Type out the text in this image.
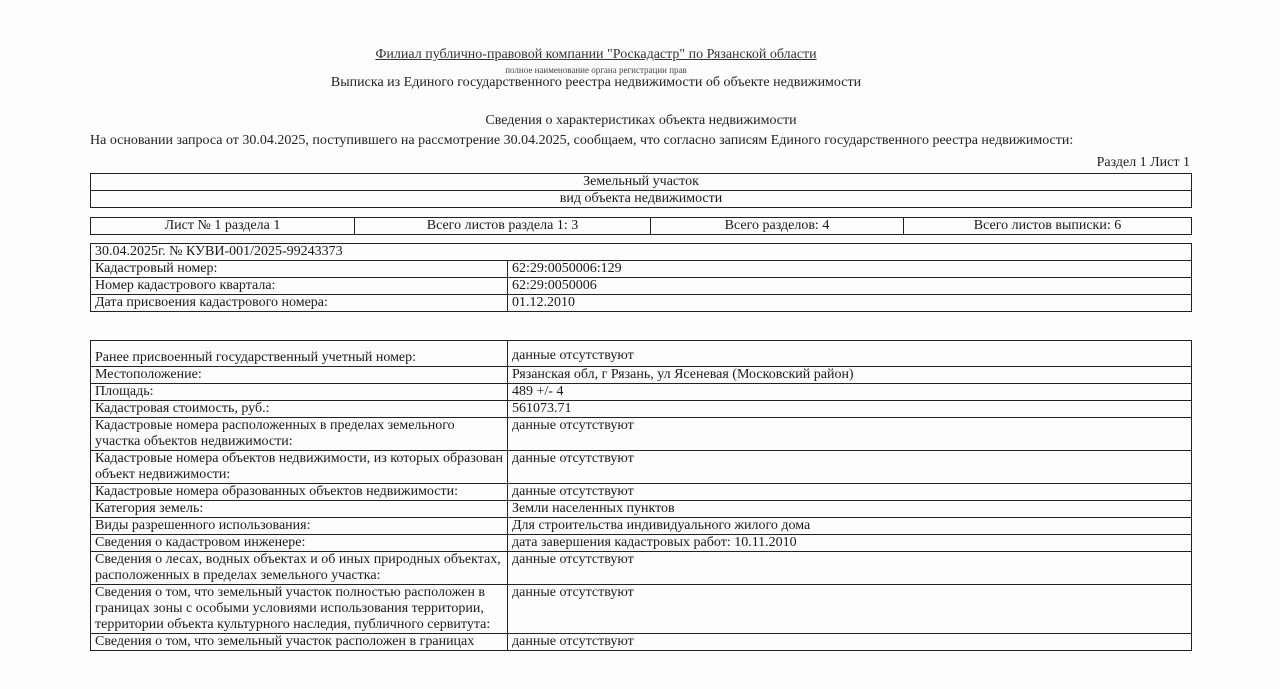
Филиал публично-правовой компании "Роскадастр" по Рязанской области
полное наименование органа регистрации прав
Выписка из Единого государственного реестра недвижимости об объекте недвижимости
Сведения о характеристиках объекта недвижимости
На основании запроса от 30.04.2025, поступившего на рассмотрение 30.04.2025, сообщаем, что согласно записям Единого государственного реестра недвижимости:
Раздел 1 Лист 1
Земельный участок
вид объекта недвижимости
Лист № 1 раздела 1	Всего листов раздела 1: 3	Всего разделов: 4	Всего листов выписки: 6
30.04.2025г. № КУВИ-001/2025-99243373	
Кадастровый номер:	62:29:0050006:129
Номер кадастрового квартала:	62:29:0050006
Дата присвоения кадастрового номера:	01.12.2010
Ранее присвоенный государственный учетный номер:	данные отсутствуют
Местоположение:	Рязанская обл, г Рязань, ул Ясеневая (Московский район)
Площадь:	489 +/- 4
Кадастровая стоимость, руб.:	561073.71
Кадастровые номера расположенных в пределах земельного участка объектов недвижимости:	данные отсутствуют
Кадастровые номера объектов недвижимости, из которых образован объект недвижимости:	данные отсутствуют
Кадастровые номера образованных объектов недвижимости:	данные отсутствуют
Категория земель:	Земли населенных пунктов
Виды разрешенного использования:	Для строительства индивидуального жилого дома
Сведения о кадастровом инженере:	дата завершения кадастровых работ: 10.11.2010
Сведения о лесах, водных объектах и об иных природных объектах, расположенных в пределах земельного участка:	данные отсутствуют
Сведения о том, что земельный участок полностью расположен в границах зоны с особыми условиями использования территории, территории объекта культурного наследия, публичного сервитута:	данные отсутствуют
Сведения о том, что земельный участок расположен в границах	данные отсутствуют
